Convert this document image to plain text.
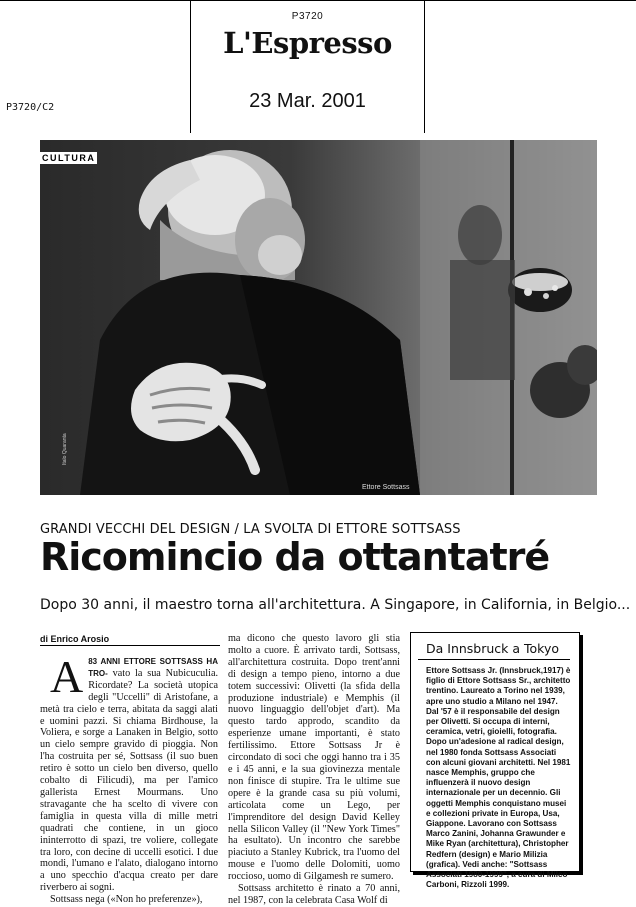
P3720
L'Espresso
23 Mar. 2001
P3720/C2
CULTURA
Ettore Sottsass
Italo Quaranta
GRANDI VECCHI DEL DESIGN / LA SVOLTA DI ETTORE SOTTSASS
Ricomincio da ottantatré
Dopo 30 anni, il maestro torna all'architettura. A Singapore, in California, in Belgio...
di Enrico Arosio
A 83 ANNI ETTORE SOTTSASS HA TRO- vato la sua Nubicuculia. Ricordate? La società utopica degli "Uccelli" di Aristofane, a metà tra cielo e terra, abitata da saggi alati e uomini pazzi. Si chiama Birdhouse, la Voliera, e sorge a Lanaken in Belgio, sotto un cielo sempre gravido di pioggia. Non l'ha costruita per sé, Sottsass (il suo buen retiro è sotto un cielo ben diverso, quello cobalto di Filicudi), ma per l'amico gallerista Ernest Mourmans. Uno stravagante che ha scelto di vivere con famiglia in questa villa di mille metri quadrati che contiene, in un gioco ininterrotto di spazi, tre voliere, collegate tra loro, con decine di uccelli esotici. I due mondi, l'umano e l'alato, dialogano intorno a uno specchio d'acqua creato per dare riverbero ai sogni.
Sottsass nega («Non ho preferenze»),
ma dicono che questo lavoro gli stia molto a cuore. È arrivato tardi, Sottsass, all'architettura costruita. Dopo trent'anni di design a tempo pieno, intorno a due totem successivi: Olivetti (la sfida della produzione industriale) e Memphis (il nuovo linguaggio dell'objet d'art). Ma questo tardo approdo, scandito da esperienze umane importanti, è stato fertilissimo. Ettore Sottsass Jr è circondato di soci che oggi hanno tra i 35 e i 45 anni, e la sua giovinezza mentale non finisce di stupire. Tra le ultime sue opere è la grande casa su più volumi, articolata come un Lego, per l'imprenditore del design David Kelley nella Silicon Valley (il "New York Times" ha esultato). Un incontro che sarebbe piaciuto a Stanley Kubrick, tra l'uomo del mouse e l'uomo delle Dolomiti, uomo roccioso, uomo di Gilgamesh re sumero.
Sottsass architetto è rinato a 70 anni, nel 1987, con la celebrata Casa Wolf di
Da Innsbruck a Tokyo
Ettore Sottsass Jr. (Innsbruck,1917) è figlio di Ettore Sottsass Sr., architetto trentino. Laureato a Torino nel 1939, apre uno studio a Milano nel 1947. Dal '57 è il responsabile del design per Olivetti. Si occupa di interni, ceramica, vetri, gioielli, fotografia. Dopo un'adesione al radical design, nel 1980 fonda Sottsass Associati con alcuni giovani architetti. Nel 1981 nasce Memphis, gruppo che influenzerà il nuovo design internazionale per un decennio. Gli oggetti Memphis conquistano musei e collezioni private in Europa, Usa, Giappone. Lavorano con Sottsass Marco Zanini, Johanna Grawunder e Mike Ryan (architettura), Christopher Redfern (design) e Mario Milizia (grafica). Vedi anche: "Sottsass Associati 1980-1999", a cura di Milco Carboni, Rizzoli 1999.
